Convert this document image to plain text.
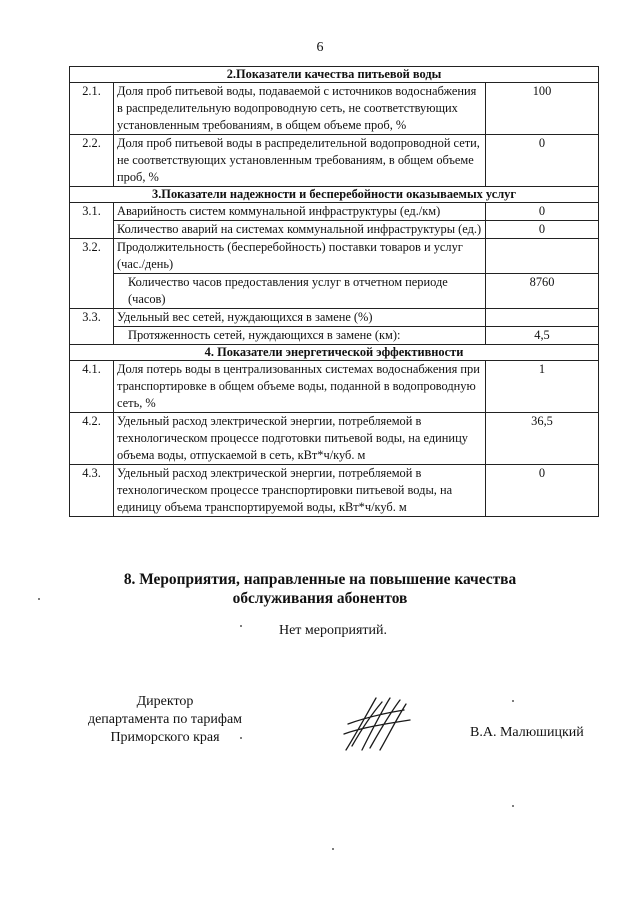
6
2.Показатели качества питьевой воды		
2.1.	Доля проб питьевой воды, подаваемой с источников водоснабжения в распределительную водопроводную сеть, не соответствующих установленным требованиям, в общем объеме проб, %	100
2.2.	Доля проб питьевой воды в распределительной водопроводной сети, не соответствующих установленным требованиям, в общем объеме проб, %	0
3.Показатели надежности и бесперебойности оказываемых услуг		
3.1.	Аварийность систем коммунальной инфраструктуры (ед./км)	0
	Количество аварий на системах коммунальной инфраструктуры (ед.)	0
3.2.	Продолжительность (бесперебойность) поставки товаров и услуг (час./день)	
	Количество часов предоставления услуг в отчетном периоде (часов)	8760
3.3.	Удельный вес сетей, нуждающихся в замене (%)	
	Протяженность сетей, нуждающихся в замене (км):	4,5
4. Показатели энергетической эффективности		
4.1.	Доля потерь воды в централизованных системах водоснабжения при транспортировке в общем объеме воды, поданной в водопроводную сеть, %	1
4.2.	Удельный расход электрической энергии, потребляемой в технологическом процессе подготовки питьевой воды, на единицу объема воды, отпускаемой в сеть, кВт*ч/куб. м	36,5
4.3.	Удельный расход электрической энергии, потребляемой в технологическом процессе транспортировки питьевой воды, на единицу объема транспортируемой воды, кВт*ч/куб. м	0
8. Мероприятия, направленные на повышение качества
обслуживания абонентов
Нет мероприятий.
Директор
департамента по тарифам
Приморского края	В.А. Малюшицкий
